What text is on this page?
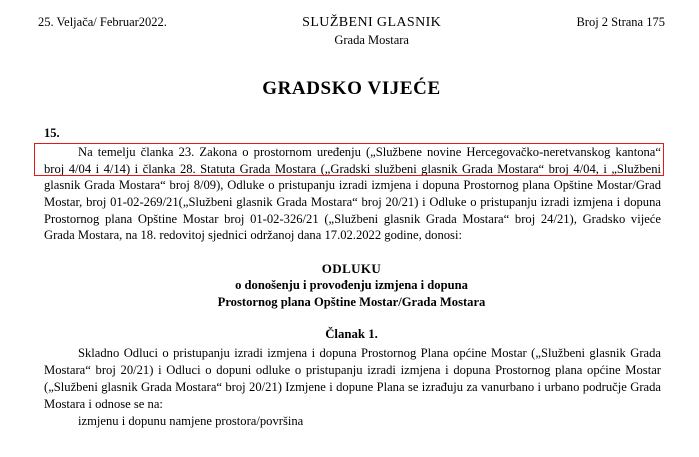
25. Veljača/ Februar2022.	SLUŽBENI GLASNIK
Grada Mostara
Broj 2 Strana 175
GRADSKO VIJEĆE
15.

Na temelju članka 23. Zakona o prostornom uređenju („Službene novine Hercegovačko-neretvanskog kantona“ broj 4/04 i 4/14) i članka 28. Statuta Grada Mostara („Gradski službeni glasnik Grada Mostara“ broj 4/04, i „Službeni glasnik Grada Mostara“ broj 8/09), Odluke o pristupanju izradi izmjena i dopuna Prostornog plana Opštine Mostar/Grad Mostar, broj 01-02-269/21(„Službeni glasnik Grada Mostara“ broj 20/21) i Odluke o pristupanju izradi izmjena i dopuna Prostornog plana Opštine Mostar broj 01-02-326/21 („Službeni glasnik Grada Mostara“ broj 24/21), Gradsko vijeće Grada Mostara, na 18. redovitoj sjednici održanoj dana 17.02.2022 godine, donosi:

ODLUKU
o donošenju i provođenju izmjena i dopuna
Prostornog plana Opštine Mostar/Grada Mostara
Članak 1.

Skladno Odluci o pristupanju izradi izmjena i dopuna Prostornog Plana općine Mostar („Službeni glasnik Grada Mostara“ broj 20/21) i Odluci o dopuni odluke o pristupanju izradi izmjena i dopuna Prostornog plana općine Mostar („Službeni glasnik Grada Mostara“ broj 20/21) Izmjene i dopune Plana se izrađuju za vanurbano i urbano područje Grada Mostara i odnose se na:

izmjenu i dopunu namjene prostora/površina
